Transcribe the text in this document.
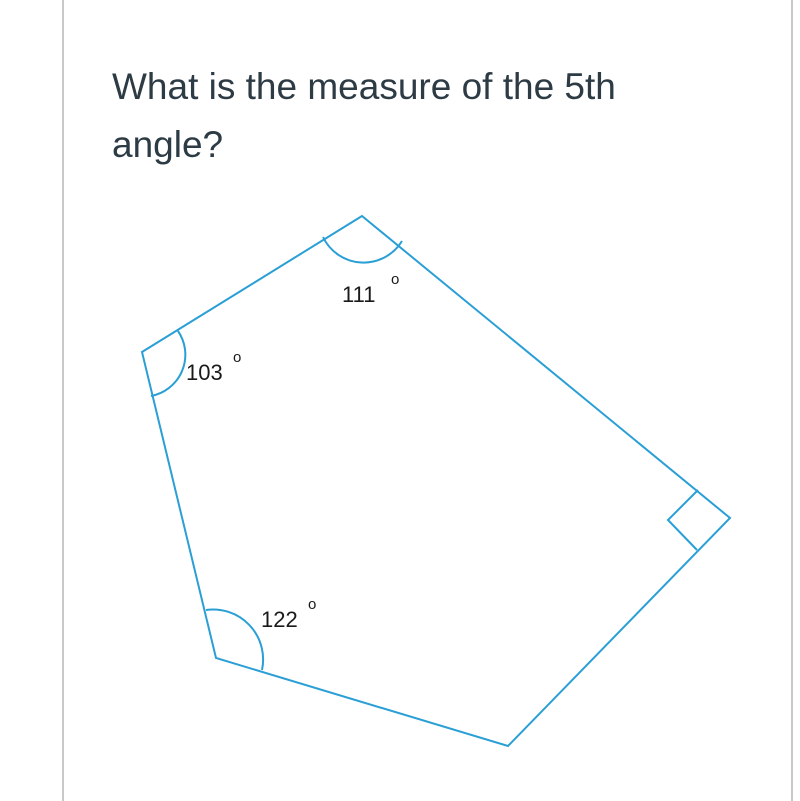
What is the measure of the 5th
angle?
111
o
103
o
122
o
